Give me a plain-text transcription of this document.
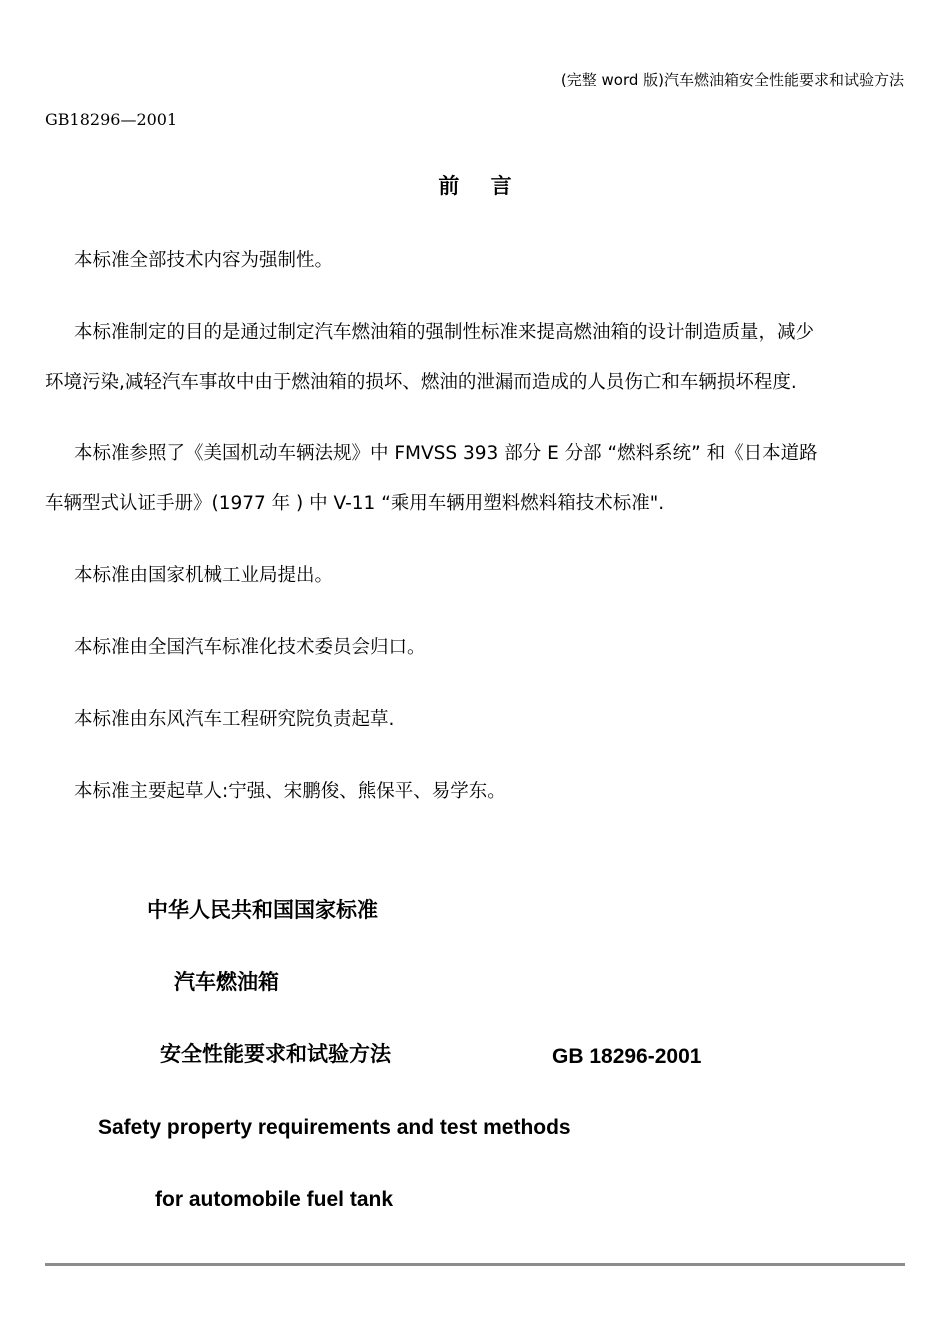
(完整 word 版)汽车燃油箱安全性能要求和试验方法
GB18296—2001
前 言
本标准全部技术内容为强制性。
本标准制定的目的是通过制定汽车燃油箱的强制性标准来提高燃油箱的设计制造质量，减少
环境污染,减轻汽车事故中由于燃油箱的损坏、燃油的泄漏而造成的人员伤亡和车辆损坏程度.
本标准参照了《美国机动车辆法规》中 FMVSS 393 部分 E 分部 “燃料系统” 和《日本道路
车辆型式认证手册》(1977 年 ) 中 V-11 “乘用车辆用塑料燃料箱技术标准".
本标准由国家机械工业局提出。
本标准由全国汽车标准化技术委员会归口。
本标准由东风汽车工程研究院负责起草.
本标准主要起草人:宁强、宋鹏俊、熊保平、易学东。
中华人民共和国国家标准
汽车燃油箱
安全性能要求和试验方法	GB 18296-2001
Safety property requirements and test methods
for automobile fuel tank
